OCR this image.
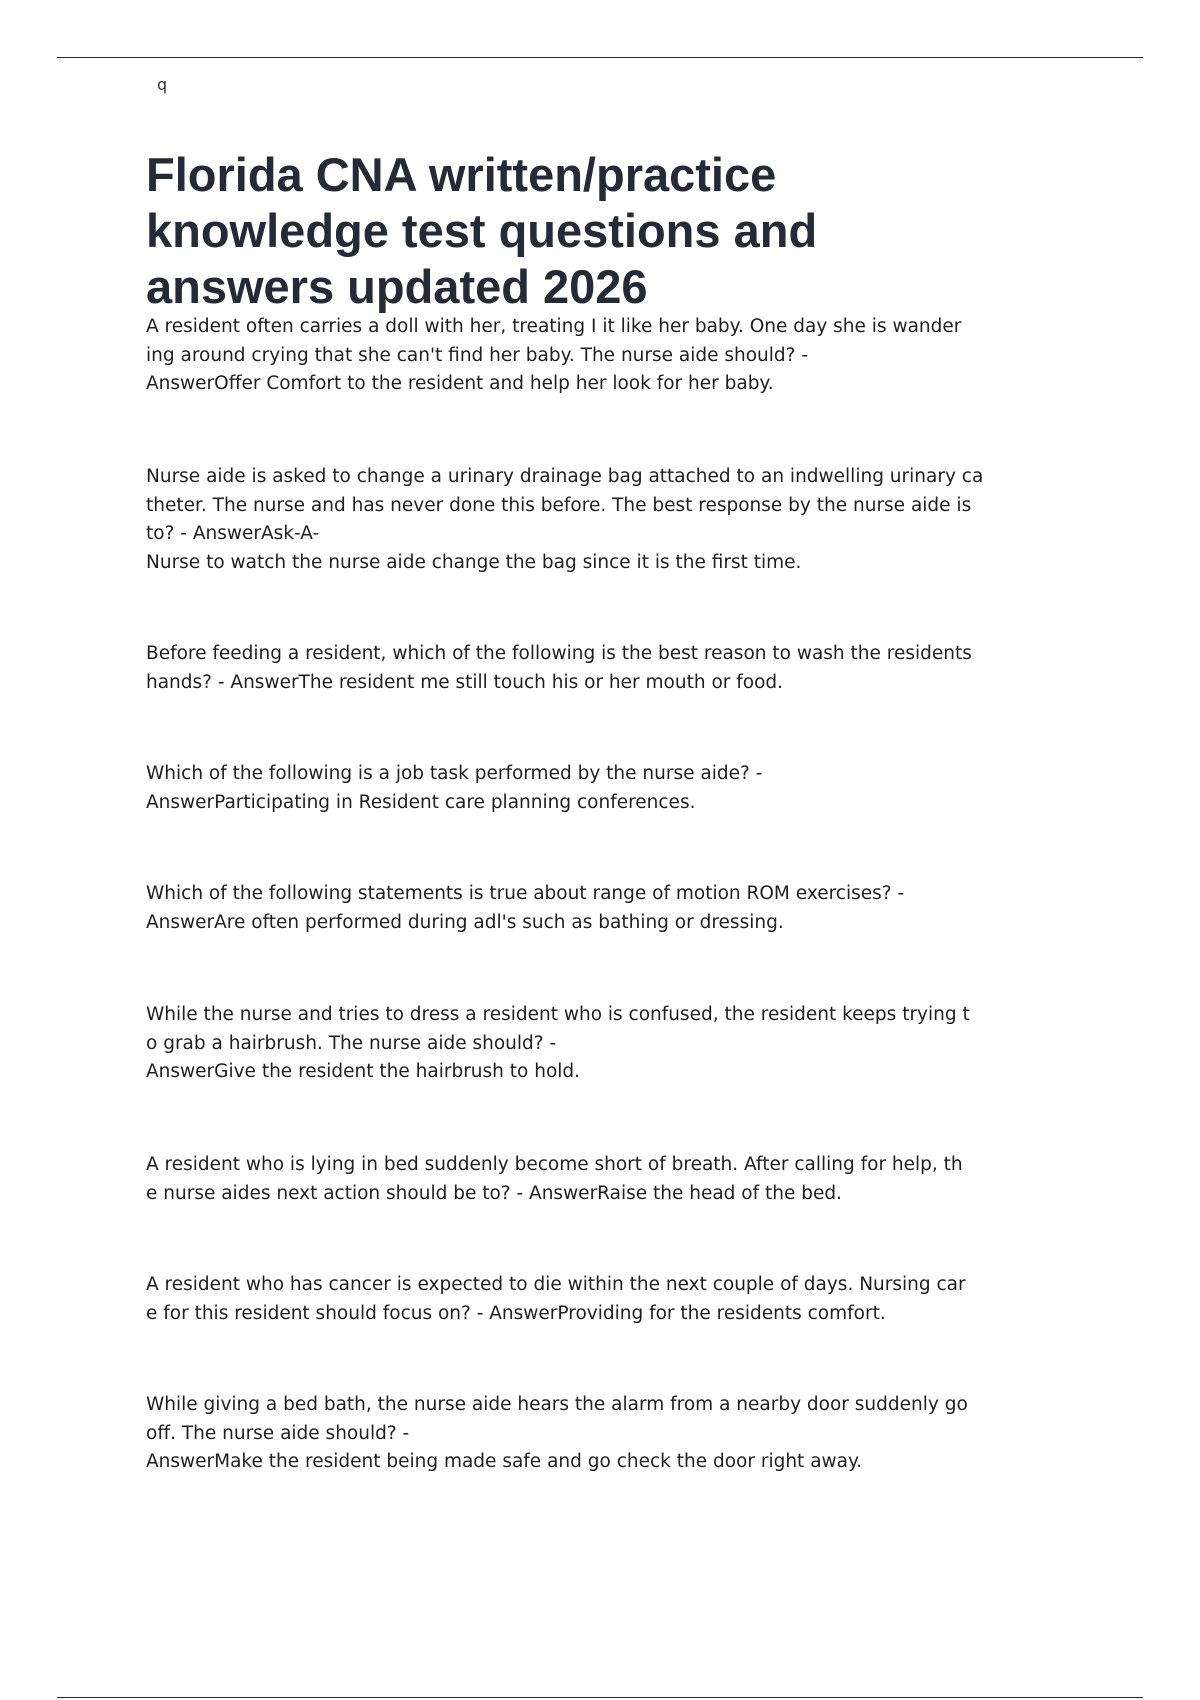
q
Florida CNA written/practice knowledge test questions and answers updated 2026
A resident often carries a doll with her, treating I it like her baby. One day she is wander
ing around crying that she can't find her baby. The nurse aide should? -
AnswerOffer Comfort to the resident and help her look for her baby.
Nurse aide is asked to change a urinary drainage bag attached to an indwelling urinary ca
theter. The nurse and has never done this before. The best response by the nurse aide is
to? - AnswerAsk-A-
Nurse to watch the nurse aide change the bag since it is the first time.
Before feeding a resident, which of the following is the best reason to wash the residents
hands? - AnswerThe resident me still touch his or her mouth or food.
Which of the following is a job task performed by the nurse aide? -
AnswerParticipating in Resident care planning conferences.
Which of the following statements is true about range of motion ROM exercises? -
AnswerAre often performed during adl's such as bathing or dressing.
While the nurse and tries to dress a resident who is confused, the resident keeps trying t
o grab a hairbrush. The nurse aide should? -
AnswerGive the resident the hairbrush to hold.
A resident who is lying in bed suddenly become short of breath. After calling for help, th
e nurse aides next action should be to? - AnswerRaise the head of the bed.
A resident who has cancer is expected to die within the next couple of days. Nursing car
e for this resident should focus on? - AnswerProviding for the residents comfort.
While giving a bed bath, the nurse aide hears the alarm from a nearby door suddenly go
off. The nurse aide should? -
AnswerMake the resident being made safe and go check the door right away.
